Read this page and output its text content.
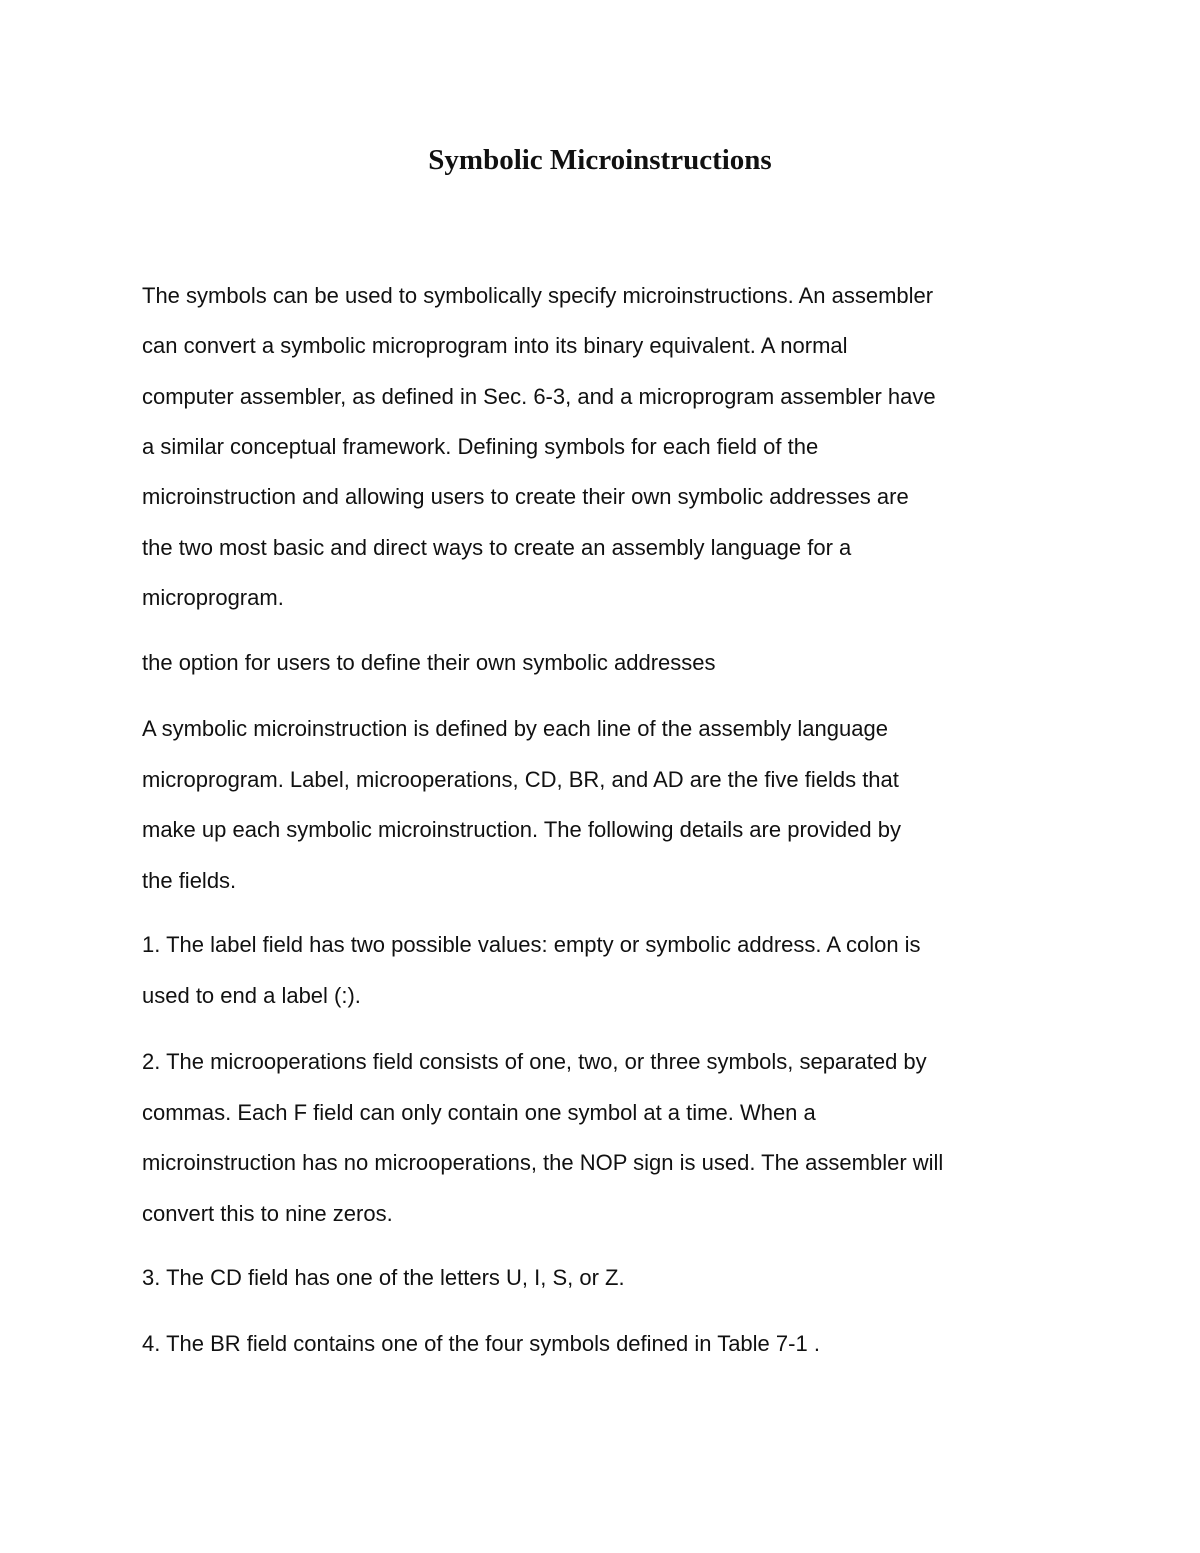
Symbolic Microinstructions
The symbols can be used to symbolically specify microinstructions. An assembler
can convert a symbolic microprogram into its binary equivalent. A normal
computer assembler, as defined in Sec. 6-3, and a microprogram assembler have
a similar conceptual framework. Defining symbols for each field of the
microinstruction and allowing users to create their own symbolic addresses are
the two most basic and direct ways to create an assembly language for a
microprogram.
the option for users to define their own symbolic addresses
A symbolic microinstruction is defined by each line of the assembly language
microprogram. Label, microoperations, CD, BR, and AD are the five fields that
make up each symbolic microinstruction. The following details are provided by
the fields.
1. The label field has two possible values: empty or symbolic address. A colon is
used to end a label (:).
2. The microoperations field consists of one, two, or three symbols, separated by
commas. Each F field can only contain one symbol at a time. When a
microinstruction has no microoperations, the NOP sign is used. The assembler will
convert this to nine zeros.
3. The CD field has one of the letters U, I, S, or Z.
4. The BR field contains one of the four symbols defined in Table 7-1 .
